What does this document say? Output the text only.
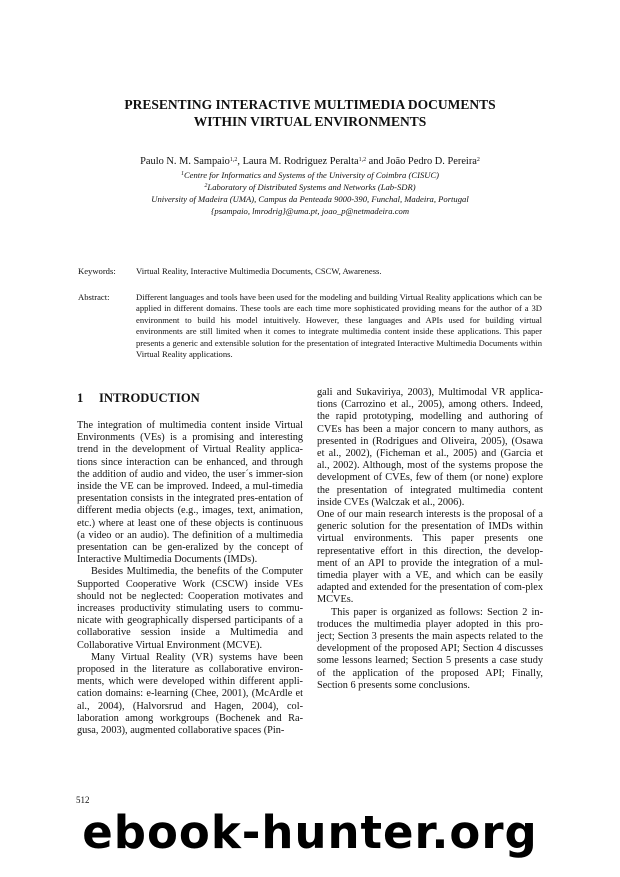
PRESENTING INTERACTIVE MULTIMEDIA DOCUMENTS
WITHIN VIRTUAL ENVIRONMENTS
Paulo N. M. Sampaio$^{1,2}$, Laura M. Rodriguez Peralta$^{1,2}$ and João Pedro D. Pereira$^2$
$^1$Centre for Informatics and Systems of the University of Coimbra (CISUC)
$^2$Laboratory of Distributed Systems and Networks (Lab-SDR)
University of Madeira (UMA), Campus da Penteada 9000-390, Funchal, Madeira, Portugal
{psampaio, lmrodrig}@uma.pt, joao_p@netmadeira.com
Keywords: Virtual Reality, Interactive Multimedia Documents, CSCW, Awareness.
Abstract:	Different languages and tools have been used for the modeling and building Virtual Reality applications which can be applied in different domains. These tools are each time more sophisticated providing means for the author of a 3D environment to build his model intuitively. However, these languages and APIs used for building virtual environments are still limited when it comes to integrate multimedia content inside these applications. This paper presents a generic and extensible solution for the presentation of integrated Interactive Multimedia Documents within Virtual Reality applications.
1 INTRODUCTION

The integration of multimedia content inside Virtual Environments (VEs) is a promising and interesting trend in the development of Virtual Reality applica-tions since interaction can be enhanced, and through the addition of audio and video, the user´s immer-sion inside the VE can be improved. Indeed, a mul-timedia presentation consists in the integrated pres-entation of different media objects (e.g., images, text, animation, etc.) where at least one of these objects is continuous (a video or an audio). The definition of a multimedia presentation can be gen-eralized by the concept of Interactive Multimedia Documents (IMDs).

Besides Multimedia, the benefits of the Computer Supported Cooperative Work (CSCW) inside VEs should not be neglected: Cooperation motivates and increases productivity stimulating users to commu-nicate with geographically dispersed participants of a collaborative session inside a Multimedia and Collaborative Virtual Environment (MCVE).

Many Virtual Reality (VR) systems have been proposed in the literature as collaborative environ-ments, which were developed within different appli-cation domains: e-learning (Chee, 2001), (McArdle et al., 2004), (Halvorsrud and Hagen, 2004), col-laboration among workgroups (Bochenek and Ra-gusa, 2003), augmented collaborative spaces (Pin-

gali and Sukaviriya, 2003), Multimodal VR applica-tions (Carrozino et al., 2005), among others. Indeed, the rapid prototyping, modelling and authoring of CVEs has been a major concern to many authors, as presented in (Rodrigues and Oliveira, 2005), (Osawa et al., 2002), (Ficheman et al., 2005) and (Garcia et al., 2002). Although, most of the systems propose the development of CVEs, few of them (or none) explore the presentation of integrated multimedia content inside CVEs (Walczak et al., 2006).

One of our main research interests is the proposal of a generic solution for the presentation of IMDs within virtual environments. This paper presents one representative effort in this direction, the develop-ment of an API to provide the integration of a mul-timedia player with a VE, and which can be easily adapted and extended for the presentation of com-plex MCVEs.

This paper is organized as follows: Section 2 in-troduces the multimedia player adopted in this pro-ject; Section 3 presents the main aspects related to the development of the proposed API; Section 4 discusses some lessons learned; Section 5 presents a case study of the application of the proposed API; Finally, Section 6 presents some conclusions.

512
ebook-hunter.org
